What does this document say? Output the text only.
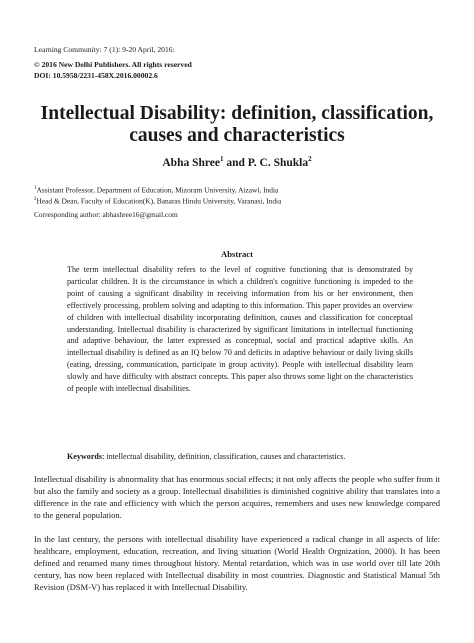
Learning Community: 7 (1): 9-20 April, 2016:
© 2016 New Delhi Publishers. All rights reserved
DOI: 10.5958/2231-458X.2016.00002.6
Intellectual Disability: definition, classification,
causes and characteristics
Abha Shree$^1$ and P. C. Shukla$^2$
$^1$Assistant Professor, Department of Education, Mizoram University, Aizawl, India
$^2$Head & Dean, Faculty of Education(K), Banaras Hindu University, Varanasi, India
Corresponding author: abhashree16@gmail.com
Abstract

The term intellectual disability refers to the level of cognitive functioning that is demonstrated by particular children. It is the circumstance in which a children's cognitive functioning is impeded to the point of causing a significant disability in receiving information from his or her environment, then effectively processing, problem solving and adapting to this information. This paper provides an overview of children with intellectual disability incorporating definition, causes and classification for conceptual understanding. Intellectual disability is characterized by significant limitations in intellectual functioning and adaptive behaviour, the latter expressed as conceptual, social and practical adaptive skills. An intellectual disability is defined as an IQ below 70 and deficits in adaptive behaviour or daily living skills (eating, dressing, communication, participate in group activity). People with intellectual disability learn slowly and have difficulty with abstract concepts. This paper also throws some light on the characteristics of people with intellectual disabilities.

Keywords: intellectual disability, definition, classification, causes and characteristics.

Intellectual disability is abnormality that has enormous social effects; it not only affects the people who suffer from it but also the family and society as a group. Intellectual disabilities is diminished cognitive ability that translates into a difference in the rate and efficiency with which the person acquires, remembers and uses new knowledge compared to the general population.

In the last century, the persons with intellectual disability have experienced a radical change in all aspects of life: healthcare, employment, education, recreation, and living situation (World Health Orgnization, 2000). It has been defined and renamed many times throughout history. Mental retardation, which was in use world over till late 20th century, has now been replaced with Intellectual disability in most countries. Diagnostic and Statistical Manual 5th Revision (DSM-V) has replaced it with Intellectual Disability.
